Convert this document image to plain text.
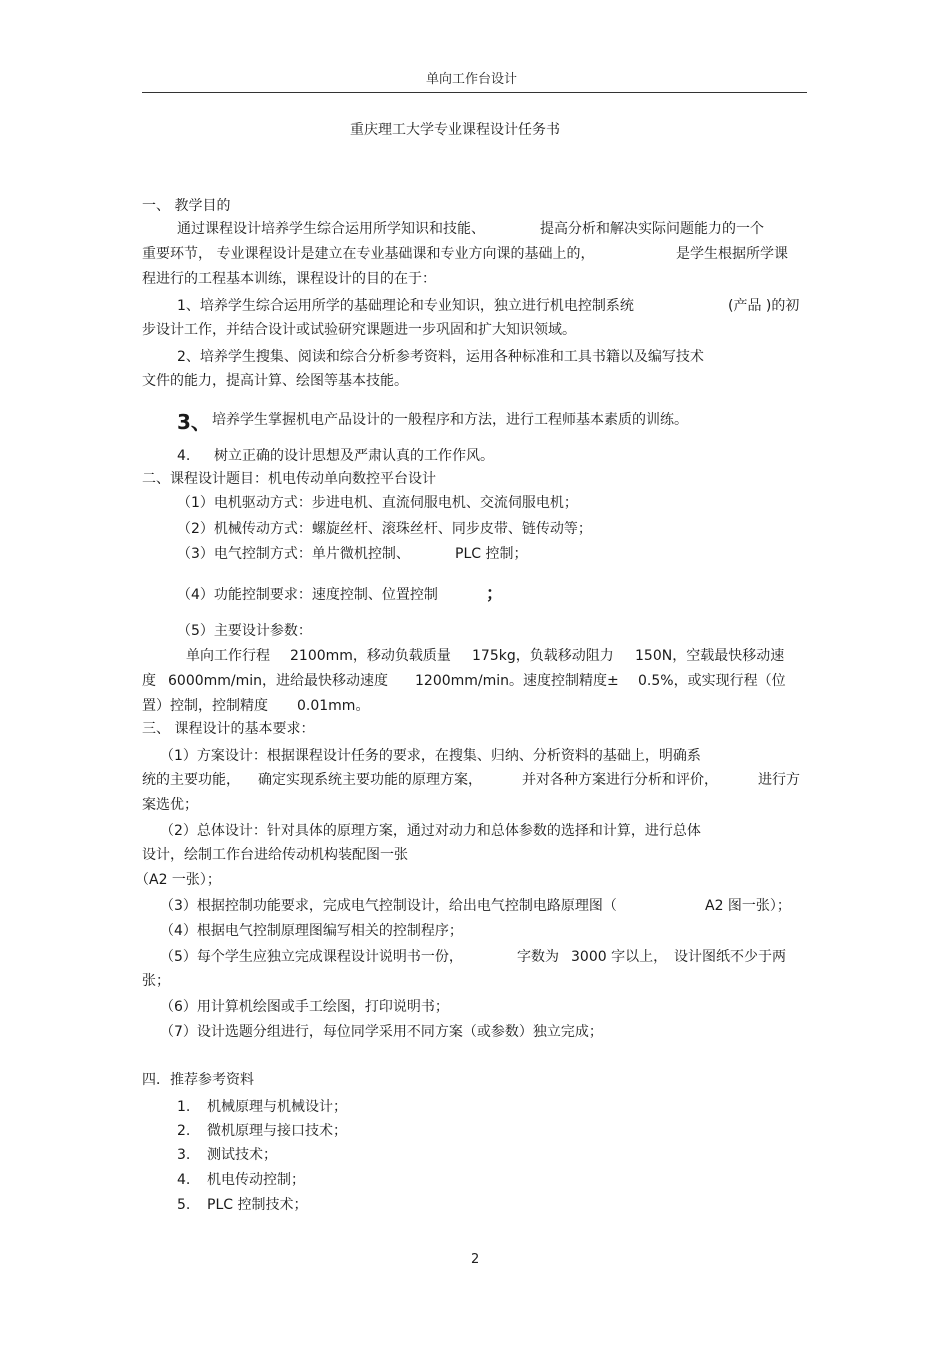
单向工作台设计
重庆理工大学专业课程设计任务书
一、 教学目的
通过课程设计培养学生综合运用所学知识和技能、	提高分析和解决实际问题能力的一个
重要环节， 专业课程设计是建立在专业基础课和专业方向课的基础上的，	是学生根据所学课
程进行的工程基本训练，课程设计的目的在于：
1、培养学生综合运用所学的基础理论和专业知识，独立进行机电控制系统	(产品 )的初
步设计工作，并结合设计或试验研究课题进一步巩固和扩大知识领域。
2、培养学生搜集、阅读和综合分析参考资料，运用各种标准和工具书籍以及编写技术
文件的能力，提高计算、绘图等基本技能。
3、 培养学生掌握机电产品设计的一般程序和方法，进行工程师基本素质的训练。
4. 树立正确的设计思想及严肃认真的工作作风。
二、课程设计题目：机电传动单向数控平台设计
（1）电机驱动方式：步进电机、直流伺服电机、交流伺服电机；
（2）机械传动方式：螺旋丝杆、滚珠丝杆、同步皮带、链传动等；
（3）电气控制方式：单片微机控制、	PLC 控制；
（4）功能控制要求：速度控制、位置控制	；
（5）主要设计参数：
单向工作行程 2100mm，移动负载质量 175kg，负载移动阻力 150N，空载最快移动速
度 6000mm/min，进给最快移动速度 1200mm/min。速度控制精度± 0.5%，或实现行程（位
置）控制，控制精度 0.01mm。
三、 课程设计的基本要求：
（1）方案设计：根据课程设计任务的要求，在搜集、归纳、分析资料的基础上，明确系
统的主要功能， 确定实现系统主要功能的原理方案，	并对各种方案进行分析和评价，	进行方
案选优；
（2）总体设计：针对具体的原理方案，通过对动力和总体参数的选择和计算，进行总体
设计，绘制工作台进给传动机构装配图一张
（A2 一张）；
（3）根据控制功能要求，完成电气控制设计，给出电气控制电路原理图（	A2 图一张）；
（4）根据电气控制原理图编写相关的控制程序；
（5）每个学生应独立完成课程设计说明书一份，	字数为 3000 字以上， 设计图纸不少于两
张；
（6）用计算机绘图或手工绘图，打印说明书；
（7）设计选题分组进行，每位同学采用不同方案（或参数）独立完成；
四．推荐参考资料
1. 机械原理与机械设计；
2. 微机原理与接口技术；
3. 测试技术；
4. 机电传动控制；
5. PLC 控制技术；
2
